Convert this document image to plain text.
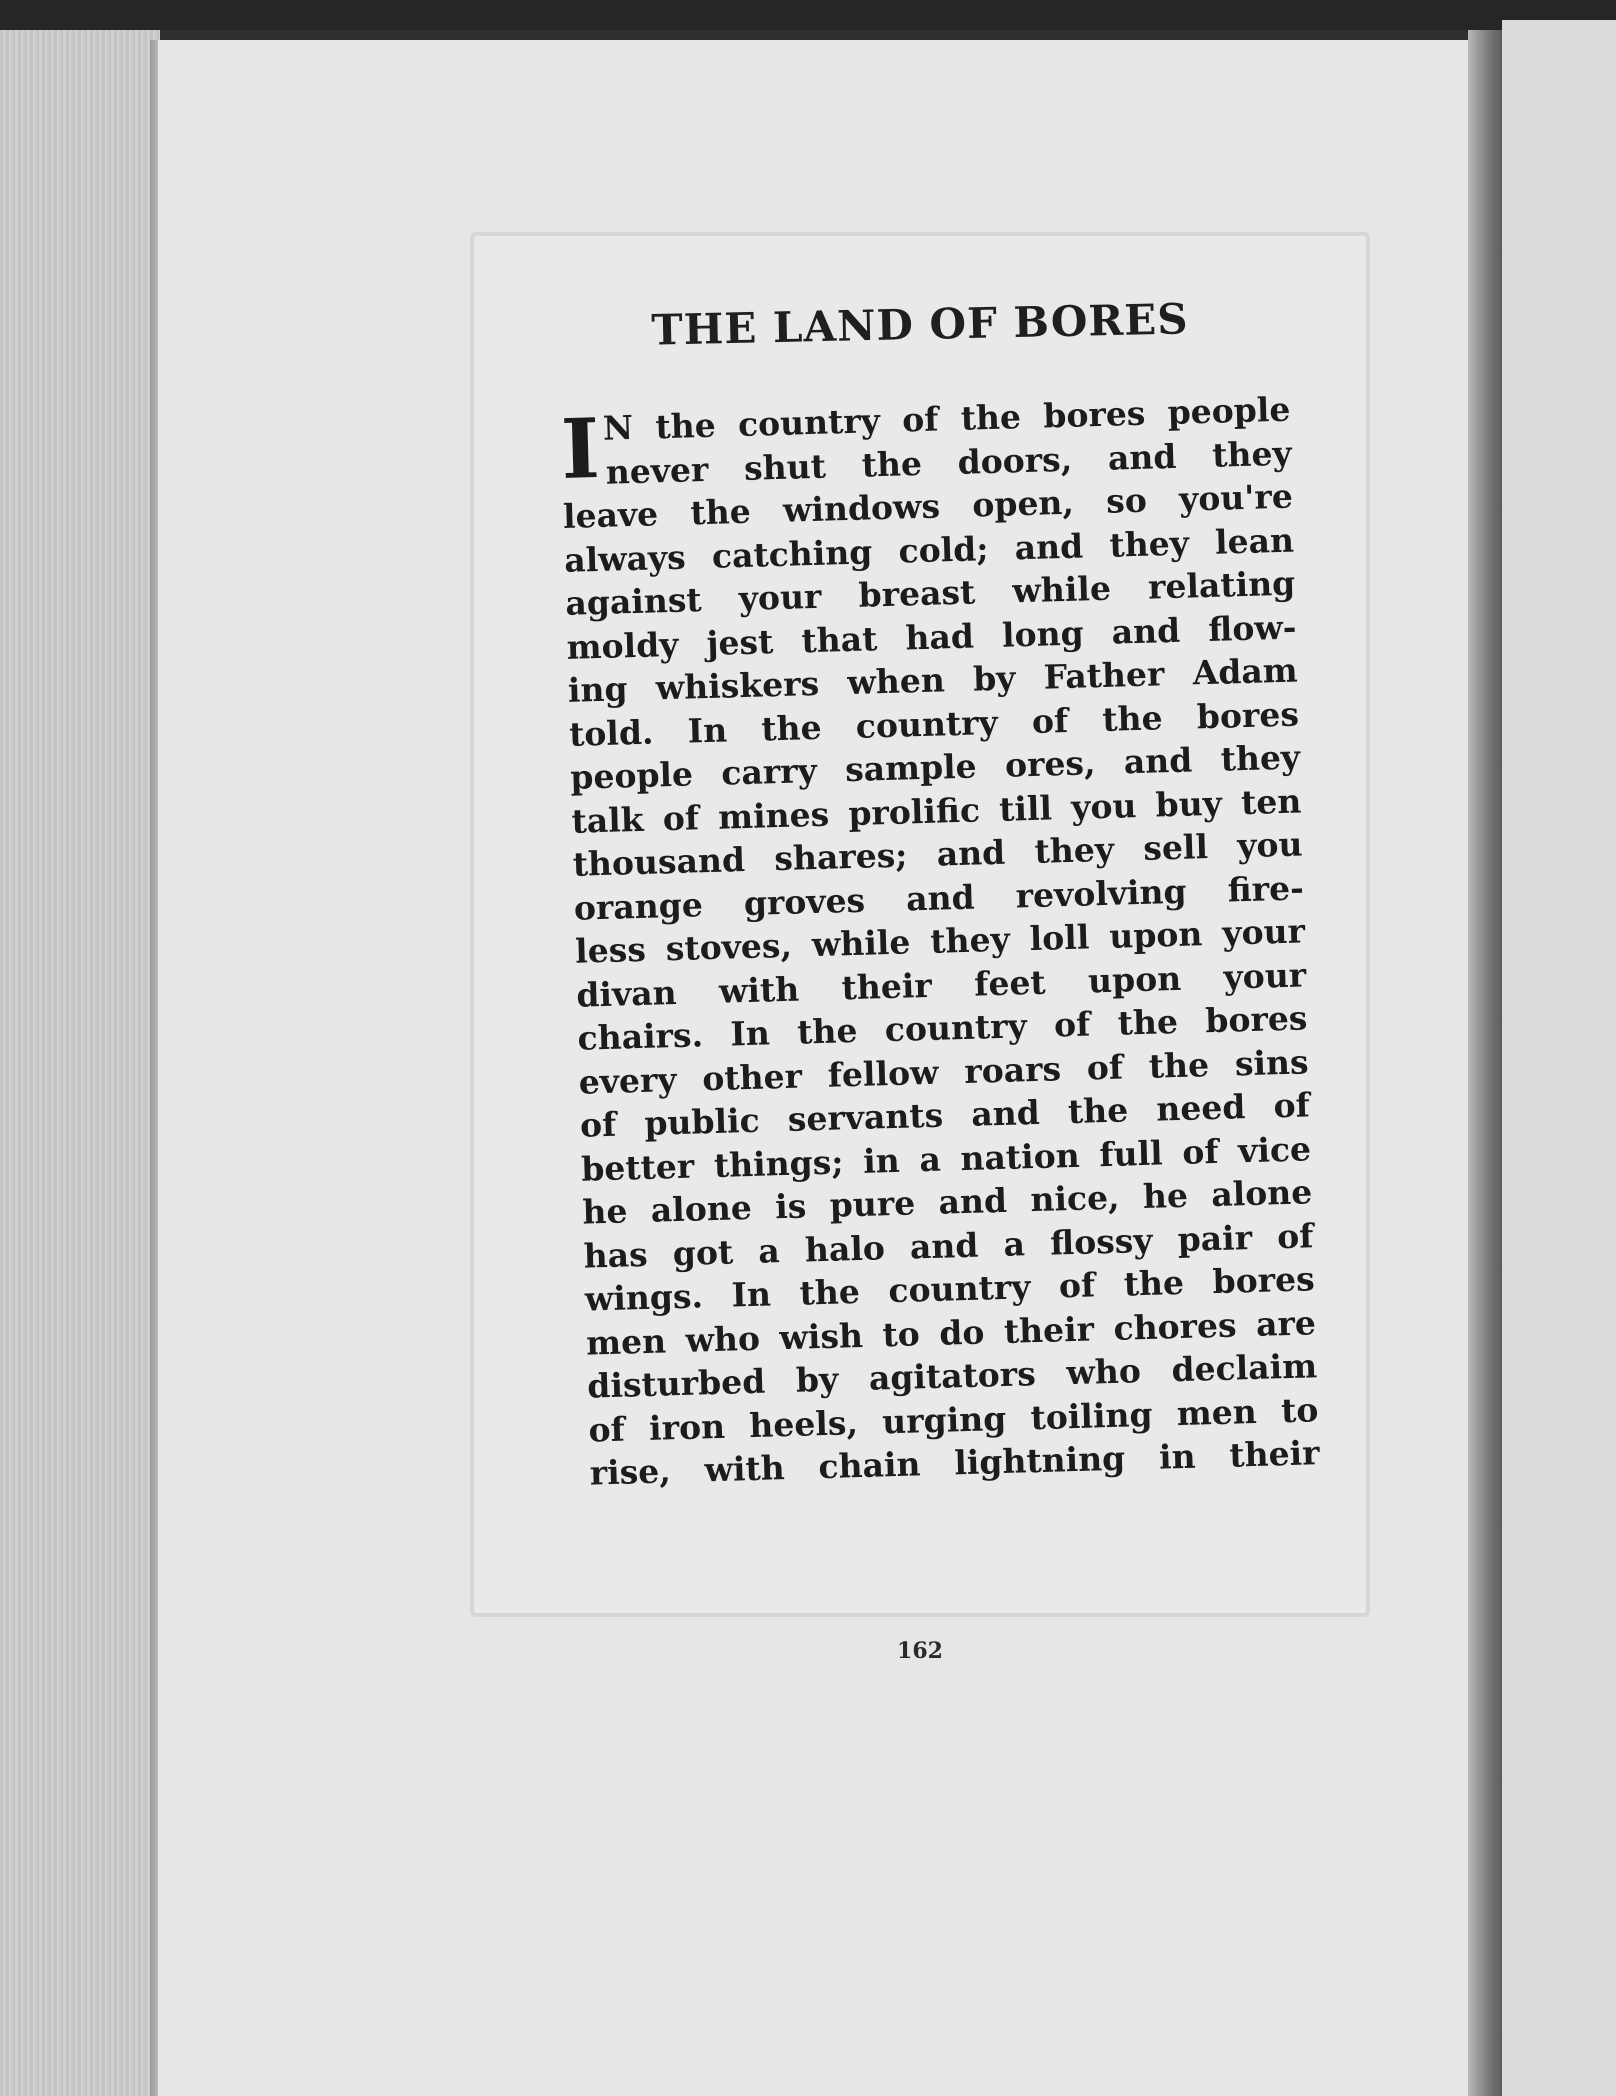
THE LAND OF BORES
I N the country of the bores people
never shut the doors, and they
leave the windows open, so you're
always catching cold; and they lean
against your breast while relating
moldy jest that had long and flow-
ing whiskers when by Father Adam
told. In the country of the bores
people carry sample ores, and they
talk of mines prolific till you buy ten
thousand shares; and they sell you
orange groves and revolving fire-
less stoves, while they loll upon your
divan with their feet upon your
chairs. In the country of the bores
every other fellow roars of the sins
of public servants and the need of
better things; in a nation full of vice
he alone is pure and nice, he alone
has got a halo and a flossy pair of
wings. In the country of the bores
men who wish to do their chores are
disturbed by agitators who declaim
of iron heels, urging toiling men to
rise, with chain lightning in their

162
